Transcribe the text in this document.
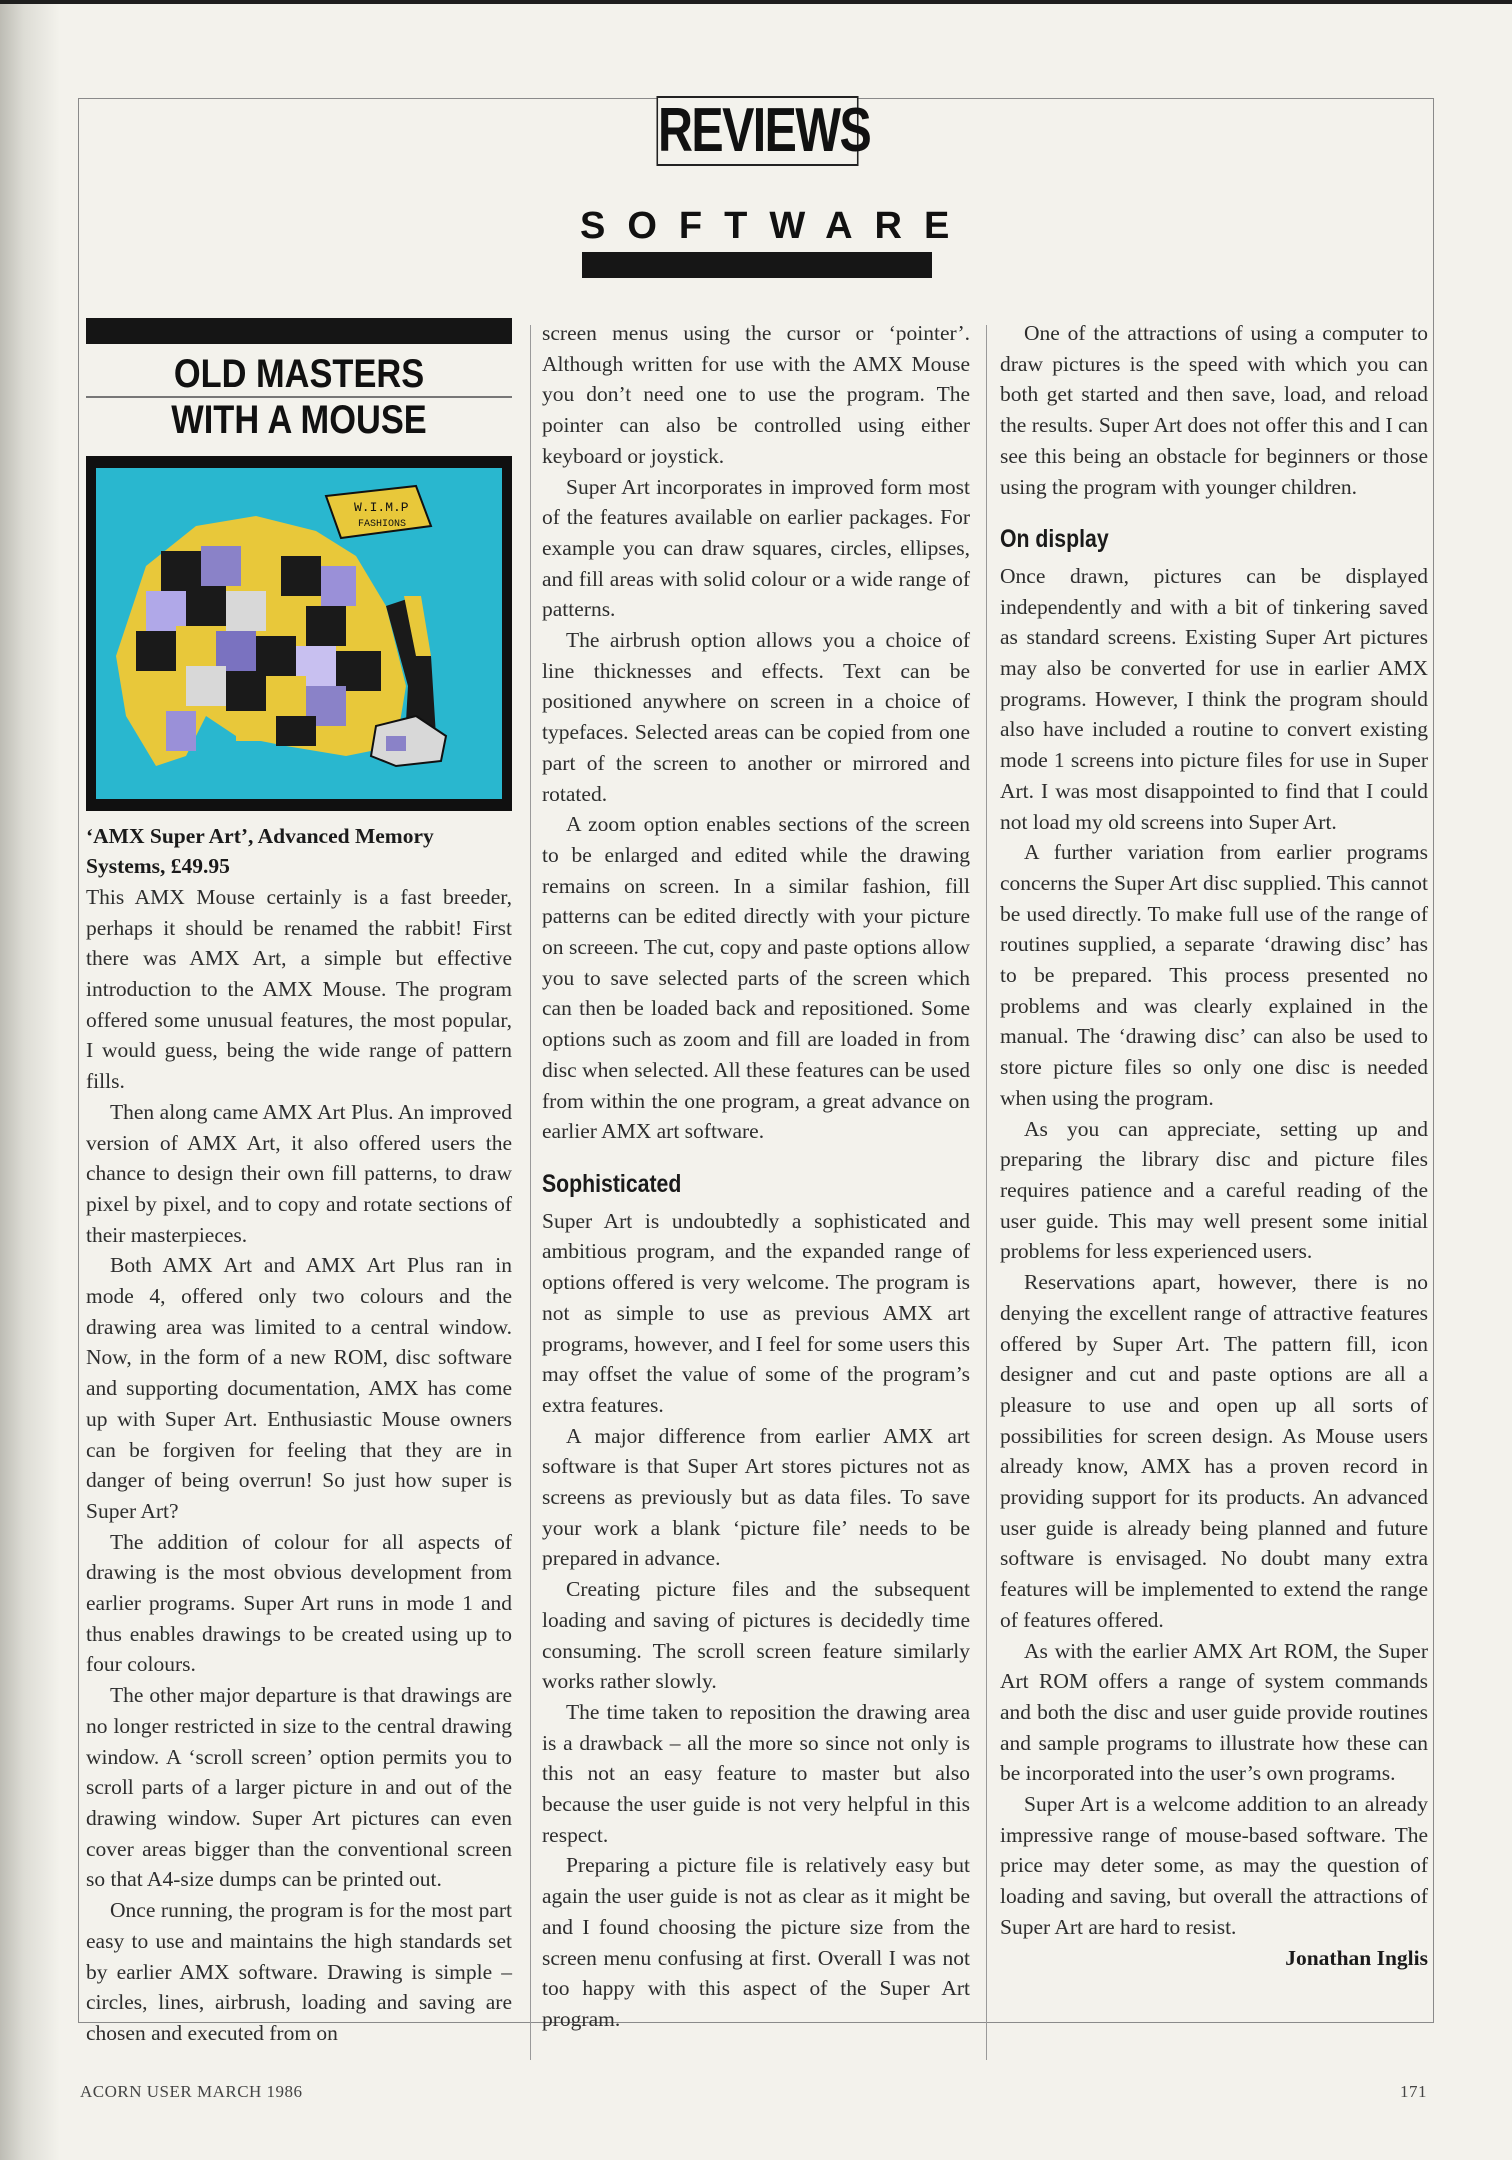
REVIEWS
SOFTWARE
OLD MASTERS
WITH A MOUSE
W.I.M.P
FASHIONS
‘AMX Super Art’, Advanced Memory Systems, £49.95

This AMX Mouse certainly is a fast breeder, perhaps it should be renamed the rabbit! First there was AMX Art, a simple but effective introduction to the AMX Mouse. The program offered some unusual features, the most popular, I would guess, being the wide range of pattern fills.

Then along came AMX Art Plus. An improved version of AMX Art, it also offered users the chance to design their own fill patterns, to draw pixel by pixel, and to copy and rotate sections of their masterpieces.

Both AMX Art and AMX Art Plus ran in mode 4, offered only two colours and the drawing area was limited to a central window. Now, in the form of a new ROM, disc software and supporting documentation, AMX has come up with Super Art. Enthusiastic Mouse owners can be forgiven for feeling that they are in danger of being overrun! So just how super is Super Art?

The addition of colour for all aspects of drawing is the most obvious development from earlier programs. Super Art runs in mode 1 and thus enables drawings to be created using up to four colours.

The other major departure is that drawings are no longer restricted in size to the central drawing window. A ‘scroll screen’ option permits you to scroll parts of a larger picture in and out of the drawing window. Super Art pictures can even cover areas bigger than the conventional screen so that A4-size dumps can be printed out.

Once running, the program is for the most part easy to use and maintains the high standards set by earlier AMX software. Drawing is simple – circles, lines, airbrush, loading and saving are chosen and executed from on

screen menus using the cursor or ‘pointer’. Although written for use with the AMX Mouse you don’t need one to use the program. The pointer can also be controlled using either keyboard or joystick.

Super Art incorporates in improved form most of the features available on earlier packages. For example you can draw squares, circles, ellipses, and fill areas with solid colour or a wide range of patterns.

The airbrush option allows you a choice of line thicknesses and effects. Text can be positioned anywhere on screen in a choice of typefaces. Selected areas can be copied from one part of the screen to another or mirrored and rotated.

A zoom option enables sections of the screen to be enlarged and edited while the drawing remains on screen. In a similar fashion, fill patterns can be edited directly with your picture on screeen. The cut, copy and paste options allow you to save selected parts of the screen which can then be loaded back and repositioned. Some options such as zoom and fill are loaded in from disc when selected. All these features can be used from within the one program, a great advance on earlier AMX art software.

Sophisticated

Super Art is undoubtedly a sophisticated and ambitious program, and the expanded range of options offered is very welcome. The program is not as simple to use as previous AMX art programs, however, and I feel for some users this may offset the value of some of the program’s extra features.

A major difference from earlier AMX art software is that Super Art stores pictures not as screens as previously but as data files. To save your work a blank ‘picture file’ needs to be prepared in advance.

Creating picture files and the subsequent loading and saving of pictures is decidedly time consuming. The scroll screen feature similarly works rather slowly.

The time taken to reposition the drawing area is a drawback – all the more so since not only is this not an easy feature to master but also because the user guide is not very helpful in this respect.

Preparing a picture file is relatively easy but again the user guide is not as clear as it might be and I found choosing the picture size from the screen menu confusing at first. Overall I was not too happy with this aspect of the Super Art program.

One of the attractions of using a computer to draw pictures is the speed with which you can both get started and then save, load, and reload the results. Super Art does not offer this and I can see this being an obstacle for beginners or those using the program with younger children.

On display

Once drawn, pictures can be displayed independently and with a bit of tinkering saved as standard screens. Existing Super Art pictures may also be converted for use in earlier AMX programs. However, I think the program should also have included a routine to convert existing mode 1 screens into picture files for use in Super Art. I was most disappointed to find that I could not load my old screens into Super Art.

A further variation from earlier programs concerns the Super Art disc supplied. This cannot be used directly. To make full use of the range of routines supplied, a separate ‘drawing disc’ has to be prepared. This process presented no problems and was clearly explained in the manual. The ‘drawing disc’ can also be used to store picture files so only one disc is needed when using the program.

As you can appreciate, setting up and preparing the library disc and picture files requires patience and a careful reading of the user guide. This may well present some initial problems for less experienced users.

Reservations apart, however, there is no denying the excellent range of attractive features offered by Super Art. The pattern fill, icon designer and cut and paste options are all a pleasure to use and open up all sorts of possibilities for screen design. As Mouse users already know, AMX has a proven record in providing support for its products. An advanced user guide is already being planned and future software is envisaged. No doubt many extra features will be implemented to extend the range of features offered.

As with the earlier AMX Art ROM, the Super Art ROM offers a range of system commands and both the disc and user guide provide routines and sample programs to illustrate how these can be incorporated into the user’s own programs.

Super Art is a welcome addition to an already impressive range of mouse-based software. The price may deter some, as may the question of loading and saving, but overall the attractions of Super Art are hard to resist.

Jonathan Inglis
ACORN USER MARCH 1986	171
